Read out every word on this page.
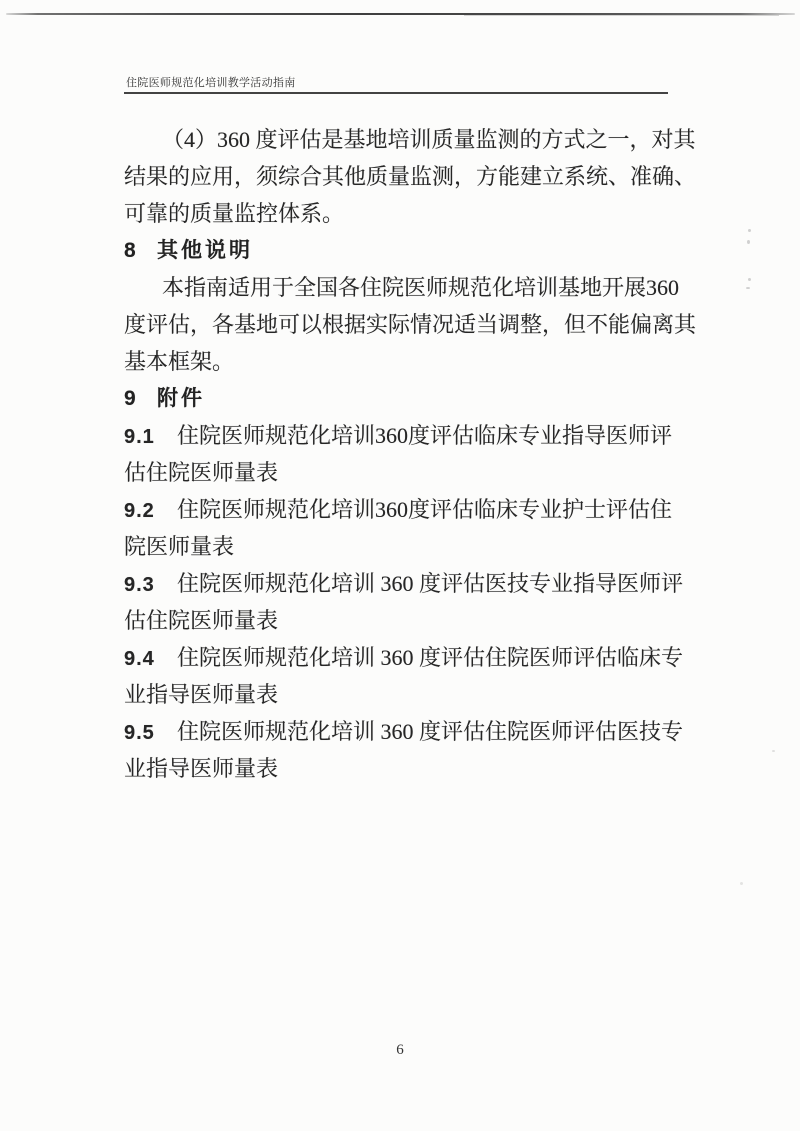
住院医师规范化培训教学活动指南
（4）360 度评估是基地培训质量监测的方式之一，对其
结果的应用，须综合其他质量监测，方能建立系统、准确、
可靠的质量监控体系。
8 其他说明
本指南适用于全国各住院医师规范化培训基地开展360
度评估，各基地可以根据实际情况适当调整，但不能偏离其
基本框架。
9 附件
9.1 住院医师规范化培训360度评估临床专业指导医师评
估住院医师量表
9.2 住院医师规范化培训360度评估临床专业护士评估住
院医师量表
9.3 住院医师规范化培训 360 度评估医技专业指导医师评
估住院医师量表
9.4 住院医师规范化培训 360 度评估住院医师评估临床专
业指导医师量表
9.5 住院医师规范化培训 360 度评估住院医师评估医技专
业指导医师量表
6
